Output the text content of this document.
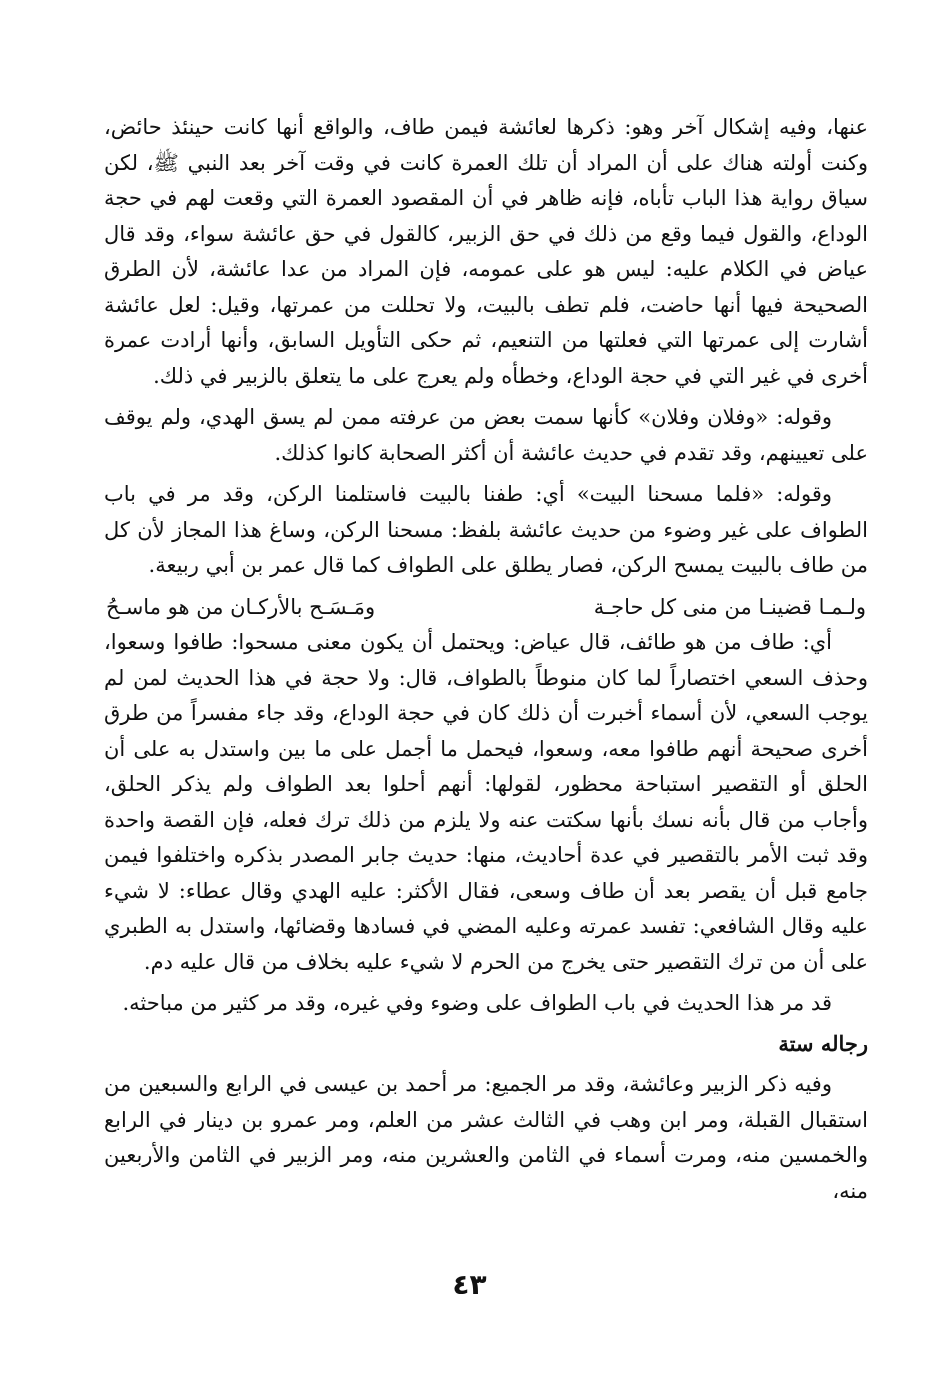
عنها، وفيه إشكال آخر وهو: ذكرها لعائشة فيمن طاف، والواقع أنها كانت حينئذ حائض، وكنت أولته هناك على أن المراد أن تلك العمرة كانت في وقت آخر بعد النبي ﷺ، لكن سياق رواية هذا الباب تأباه، فإنه ظاهر في أن المقصود العمرة التي وقعت لهم في حجة الوداع، والقول فيما وقع من ذلك في حق الزبير، كالقول في حق عائشة سواء، وقد قال عياض في الكلام عليه: ليس هو على عمومه، فإن المراد من عدا عائشة، لأن الطرق الصحيحة فيها أنها حاضت، فلم تطف بالبيت، ولا تحللت من عمرتها، وقيل: لعل عائشة أشارت إلى عمرتها التي فعلتها من التنعيم، ثم حكى التأويل السابق، وأنها أرادت عمرة أخرى في غير التي في حجة الوداع، وخطأه ولم يعرج على ما يتعلق بالزبير في ذلك.

وقوله: «وفلان وفلان» كأنها سمت بعض من عرفته ممن لم يسق الهدي، ولم يوقف على تعيينهم، وقد تقدم في حديث عائشة أن أكثر الصحابة كانوا كذلك.

وقوله: «فلما مسحنا البيت» أي: طفنا بالبيت فاستلمنا الركن، وقد مر في باب الطواف على غير وضوء من حديث عائشة بلفظ: مسحنا الركن، وساغ هذا المجاز لأن كل من طاف بالبيت يمسح الركن، فصار يطلق على الطواف كما قال عمر بن أبي ربيعة.

ولـمـا قضينـا من منى كل حاجـة
ومَـسَـح بالأركـان من هو ماسـحُ

أي: طاف من هو طائف، قال عياض: ويحتمل أن يكون معنى مسحوا: طافوا وسعوا، وحذف السعي اختصاراً لما كان منوطاً بالطواف، قال: ولا حجة في هذا الحديث لمن لم يوجب السعي، لأن أسماء أخبرت أن ذلك كان في حجة الوداع، وقد جاء مفسراً من طرق أخرى صحيحة أنهم طافوا معه، وسعوا، فيحمل ما أجمل على ما بين واستدل به على أن الحلق أو التقصير استباحة محظور، لقولها: أنهم أحلوا بعد الطواف ولم يذكر الحلق، وأجاب من قال بأنه نسك بأنها سكتت عنه ولا يلزم من ذلك ترك فعله، فإن القصة واحدة وقد ثبت الأمر بالتقصير في عدة أحاديث، منها: حديث جابر المصدر بذكره واختلفوا فيمن جامع قبل أن يقصر بعد أن طاف وسعى، فقال الأكثر: عليه الهدي وقال عطاء: لا شيء عليه وقال الشافعي: تفسد عمرته وعليه المضي في فسادها وقضائها، واستدل به الطبري على أن من ترك التقصير حتى يخرج من الحرم لا شيء عليه بخلاف من قال عليه دم.

قد مر هذا الحديث في باب الطواف على وضوء وفي غيره، وقد مر كثير من مباحثه.

رجاله ستة

وفيه ذكر الزبير وعائشة، وقد مر الجميع: مر أحمد بن عيسى في الرابع والسبعين من استقبال القبلة، ومر ابن وهب في الثالث عشر من العلم، ومر عمرو بن دينار في الرابع والخمسين منه، ومرت أسماء في الثامن والعشرين منه، ومر الزبير في الثامن والأربعين منه،

٤٣
